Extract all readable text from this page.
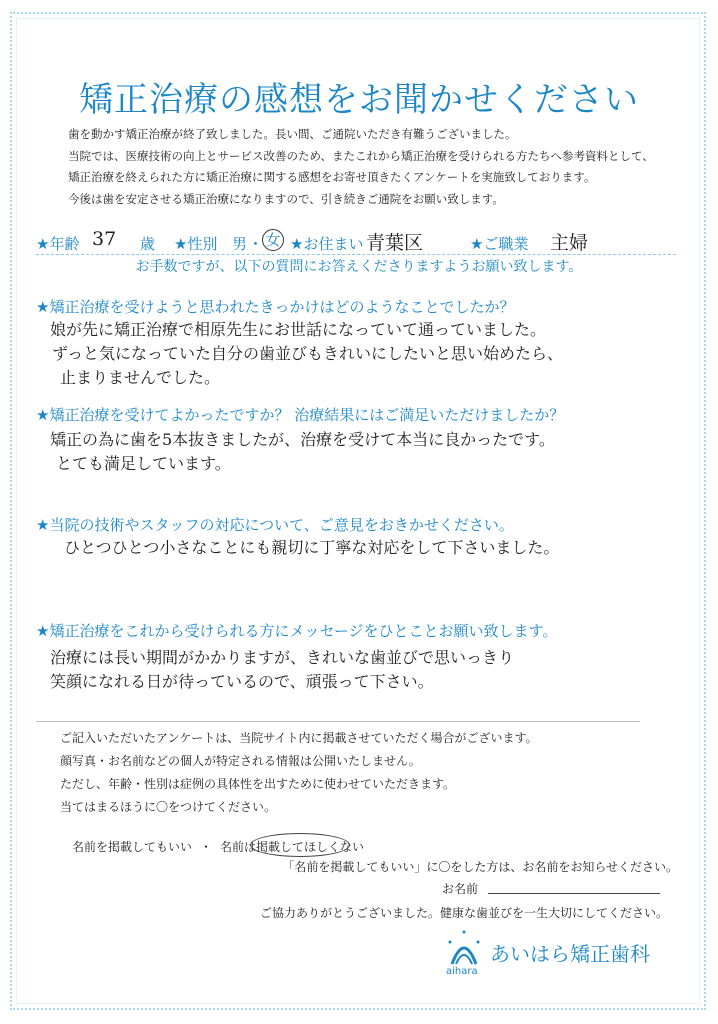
矯正治療の感想をお聞かせください
歯を動かす矯正治療が終了致しました。長い間、ご通院いただき有難うございました。
当院では、医療技術の向上とサービス改善のため、またこれから矯正治療を受けられる方たちへ参考資料として、
矯正治療を終えられた方に矯正治療に関する感想をお寄せ頂きたくアンケートを実施致しております。
今後は歯を安定させる矯正治療になりますので、引き続きご通院をお願い致します。
★年齢 37 歳 ★性別 男 ・ 女 ★お住まい 青葉区	★ご職業 主婦
お手数ですが、以下の質問にお答えくださりますようお願い致します。
★矯正治療を受けようと思われたきっかけはどのようなことでしたか？
娘が先に矯正治療で相原先生にお世話になっていて通っていました。
ずっと気になっていた自分の歯並びもきれいにしたいと思い始めたら、
止まりませんでした。
★矯正治療を受けてよかったですか？ 治療結果にはご満足いただけましたか？
矯正の為に歯を5本抜きましたが、治療を受けて本当に良かったです。
とても満足しています。
★当院の技術やスタッフの対応について、ご意見をおきかせください。
ひとつひとつ小さなことにも親切に丁寧な対応をして下さいました。
★矯正治療をこれから受けられる方にメッセージをひとことお願い致します。
治療には長い期間がかかりますが、きれいな歯並びで思いっきり
笑顔になれる日が待っているので、頑張って下さい。
ご記入いただいたアンケートは、当院サイト内に掲載させていただく場合がございます。
顔写真・お名前などの個人が特定される情報は公開いたしません。
ただし、年齢・性別は症例の具体性を出すために使わせていただきます。
当てはまるほうに〇をつけてください。
名前を掲載してもいい ・ 名前は掲載してほしくない
「名前を掲載してもいい」に〇をした方は、お名前をお知らせください。
お名前
ご協力ありがとうございました。健康な歯並びを一生大切にしてください。
あいはら矯正歯科
aihara
